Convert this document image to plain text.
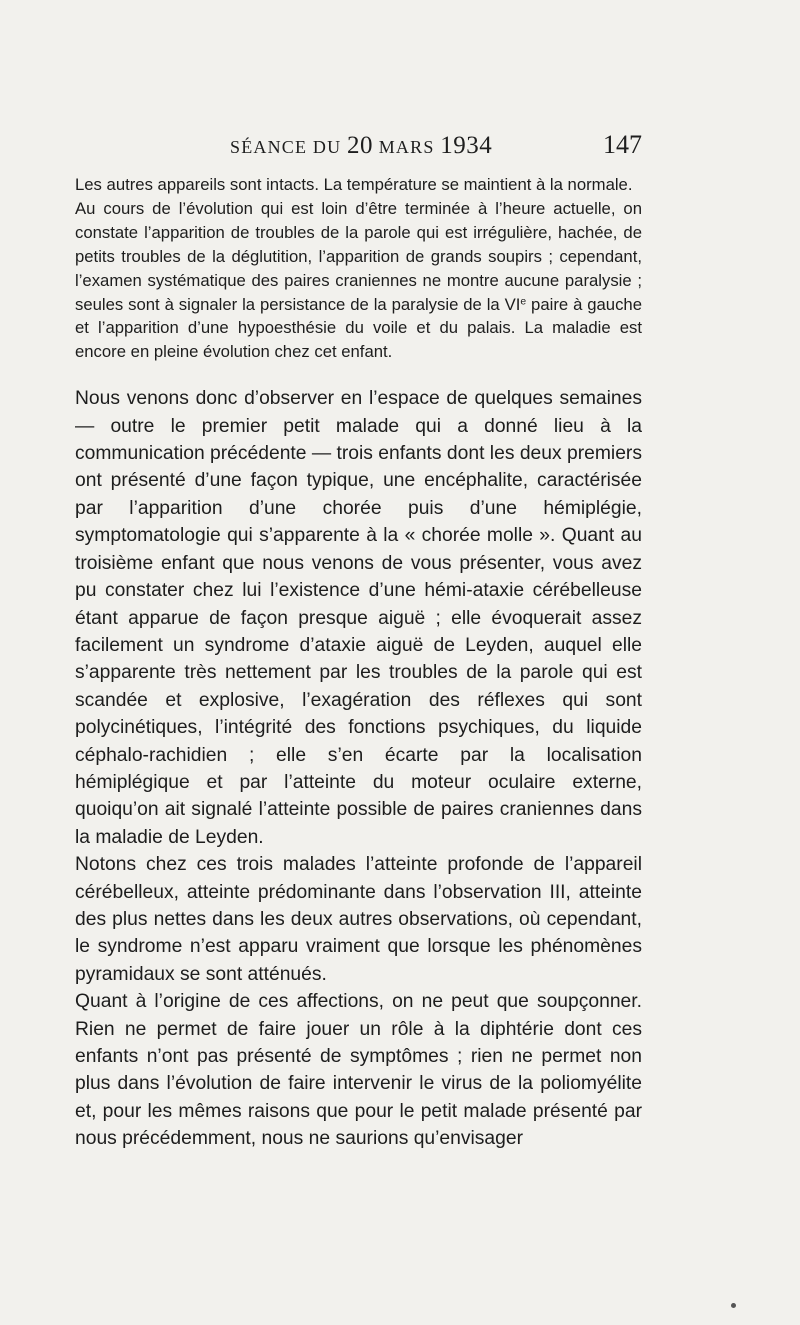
SÉANCE DU 20 MARS 1934	147

Les autres appareils sont intacts. La température se maintient à la normale.

Au cours de l’évolution qui est loin d’être terminée à l’heure actuelle, on constate l’apparition de troubles de la parole qui est irrégulière, hachée, de petits troubles de la déglutition, l’apparition de grands soupirs ; cependant, l’examen systématique des paires craniennes ne montre aucune paralysie ; seules sont à signaler la persistance de la paralysie de la VIe paire à gauche et l’apparition d’une hypoesthésie du voile et du palais. La maladie est encore en pleine évolution chez cet enfant.

Nous venons donc d’observer en l’espace de quelques semaines — outre le premier petit malade qui a donné lieu à la communication précédente — trois enfants dont les deux premiers ont présenté d’une façon typique, une encéphalite, caractérisée par l’apparition d’une chorée puis d’une hémiplégie, symptomatologie qui s’apparente à la « chorée molle ». Quant au troisième enfant que nous venons de vous présenter, vous avez pu constater chez lui l’existence d’une hémi-ataxie cérébelleuse étant apparue de façon presque aiguë ; elle évoquerait assez facilement un syndrome d’ataxie aiguë de Leyden, auquel elle s’apparente très nettement par les troubles de la parole qui est scandée et explosive, l’exagération des réflexes qui sont polycinétiques, l’intégrité des fonctions psychiques, du liquide céphalo-rachidien ; elle s’en écarte par la localisation hémiplégique et par l’atteinte du moteur oculaire externe, quoiqu’on ait signalé l’atteinte possible de paires craniennes dans la maladie de Leyden.

Notons chez ces trois malades l’atteinte profonde de l’appareil cérébelleux, atteinte prédominante dans l’observation III, atteinte des plus nettes dans les deux autres observations, où cependant, le syndrome n’est apparu vraiment que lorsque les phénomènes pyramidaux se sont atténués.

Quant à l’origine de ces affections, on ne peut que soupçonner. Rien ne permet de faire jouer un rôle à la diphtérie dont ces enfants n’ont pas présenté de symptômes ; rien ne permet non plus dans l’évolution de faire intervenir le virus de la poliomyélite et, pour les mêmes raisons que pour le petit malade présenté par nous précédemment, nous ne saurions qu’envisager
